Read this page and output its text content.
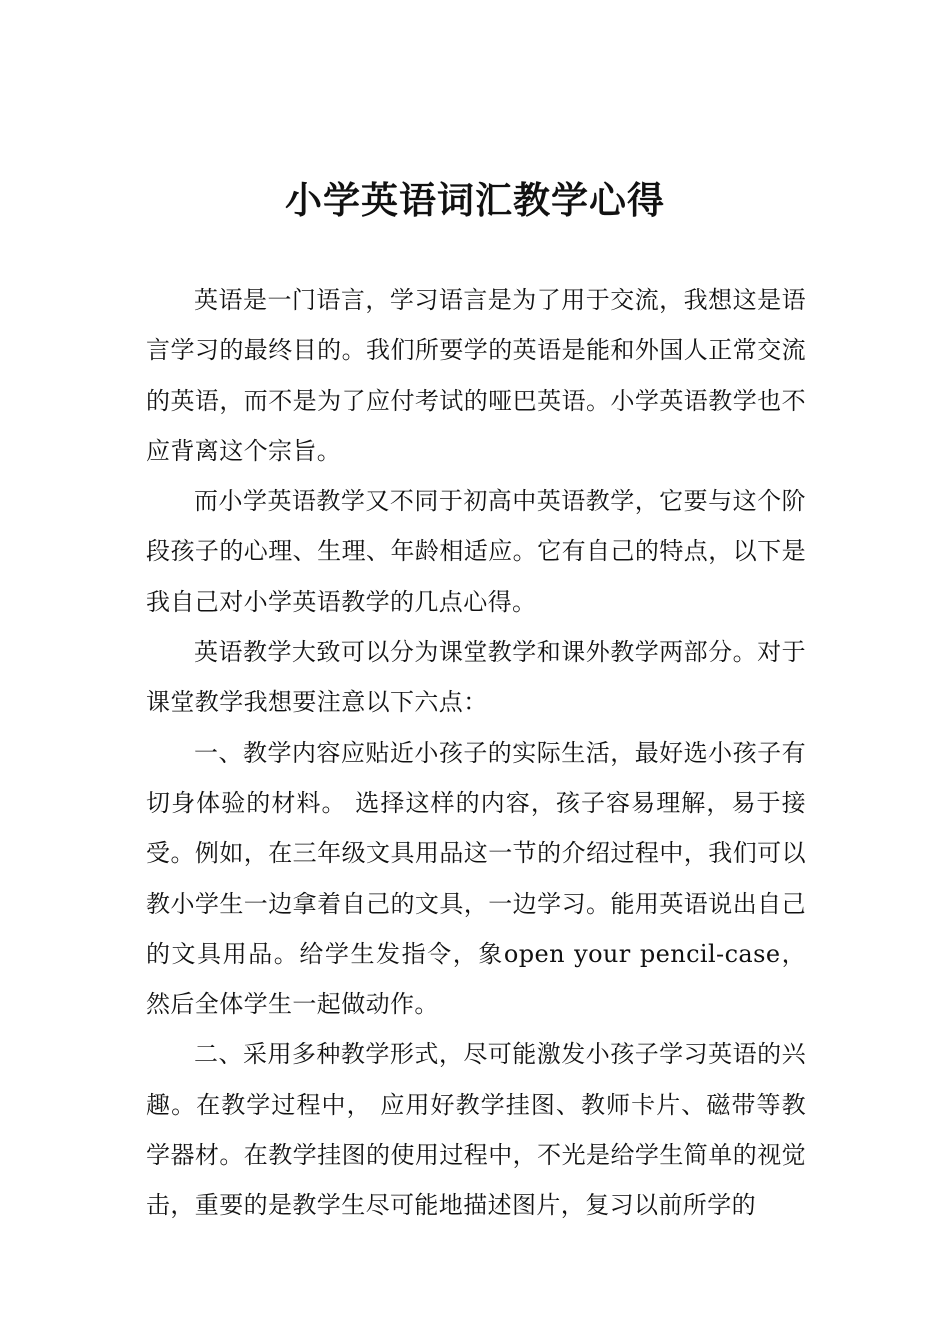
小学英语词汇教学心得

英语是一门语言，学习语言是为了用于交流，我想这是语言学习的最终目的。我们所要学的英语是能和外国人正常交流的英语，而不是为了应付考试的哑巴英语。小学英语教学也不应背离这个宗旨。

而小学英语教学又不同于初高中英语教学，它要与这个阶段孩子的心理、生理、年龄相适应。它有自己的特点，以下是我自己对小学英语教学的几点心得。

英语教学大致可以分为课堂教学和课外教学两部分。对于课堂教学我想要注意以下六点：

一、教学内容应贴近小孩子的实际生活，最好选小孩子有切身体验的材料。 选择这样的内容，孩子容易理解，易于接受。例如，在三年级文具用品这一节的介绍过程中，我们可以教小学生一边拿着自己的文具，一边学习。能用英语说出自己的文具用品。给学生发指令，象open your pencil-case，然后全体学生一起做动作。

二、采用多种教学形式，尽可能激发小孩子学习英语的兴趣。在教学过程中， 应用好教学挂图、教师卡片、磁带等教学器材。在教学挂图的使用过程中，不光是给学生简单的视觉击，重要的是教学生尽可能地描述图片，复习以前所学的
